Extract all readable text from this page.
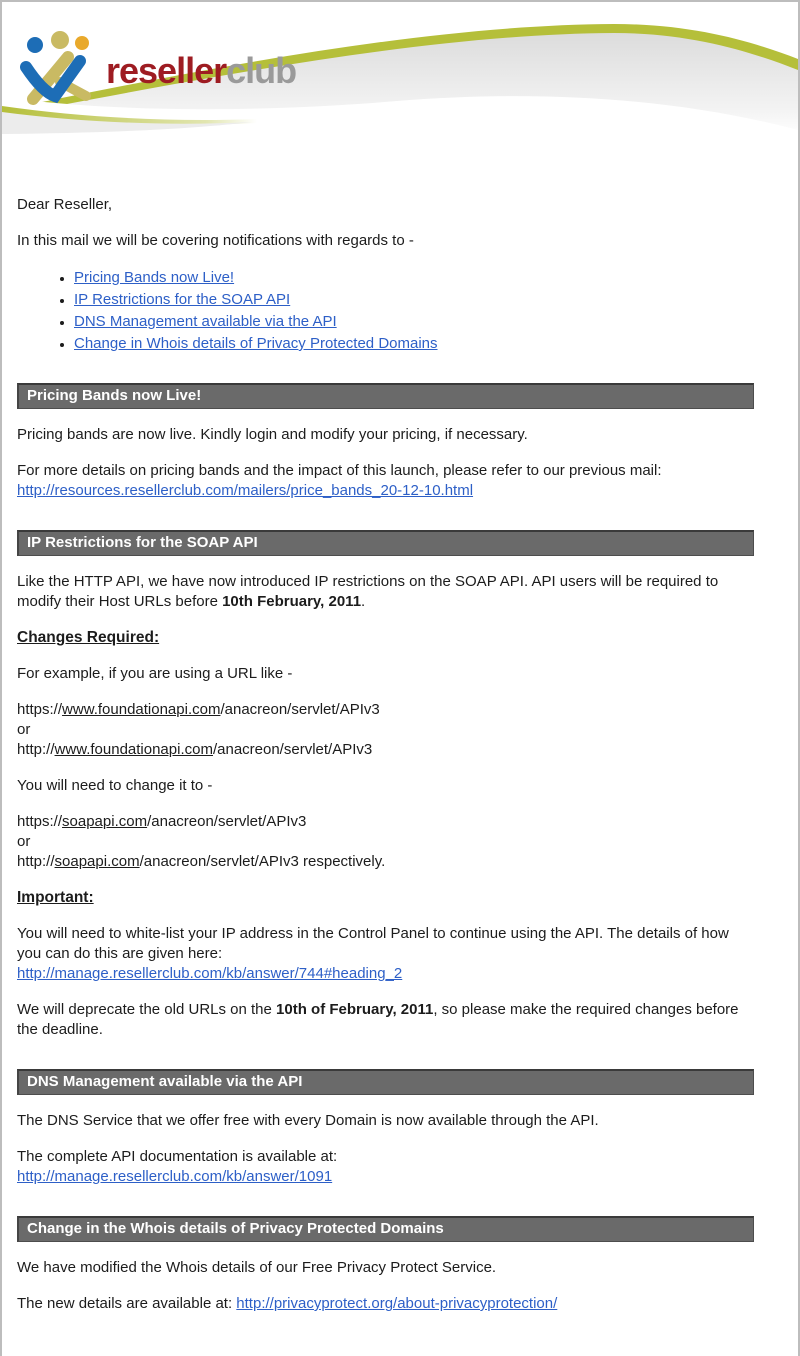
resellerclub

Dear Reseller,

In this mail we will be covering notifications with regards to -

• Pricing Bands now Live!
• IP Restrictions for the SOAP API
• DNS Management available via the API
• Change in Whois details of Privacy Protected Domains
Pricing Bands now Live!

Pricing bands are now live. Kindly login and modify your pricing, if necessary.

For more details on pricing bands and the impact of this launch, please refer to our previous mail: http://resources.resellerclub.com/mailers/price_bands_20-12-10.html

IP Restrictions for the SOAP API

Like the HTTP API, we have now introduced IP restrictions on the SOAP API. API users will be required to modify their Host URLs before 10th February, 2011.

Changes Required:

For example, if you are using a URL like -

https://www.foundationapi.com/anacreon/servlet/APIv3
or
http://www.foundationapi.com/anacreon/servlet/APIv3

You will need to change it to -

https://soapapi.com/anacreon/servlet/APIv3
or
http://soapapi.com/anacreon/servlet/APIv3 respectively.

Important:

You will need to white-list your IP address in the Control Panel to continue using the API. The details of how you can do this are given here:
http://manage.resellerclub.com/kb/answer/744#heading_2

We will deprecate the old URLs on the 10th of February, 2011, so please make the required changes before the deadline.

DNS Management available via the API

The DNS Service that we offer free with every Domain is now available through the API.

The complete API documentation is available at:
http://manage.resellerclub.com/kb/answer/1091

Change in the Whois details of Privacy Protected Domains

We have modified the Whois details of our Free Privacy Protect Service.

The new details are available at: http://privacyprotect.org/about-privacyprotection/
